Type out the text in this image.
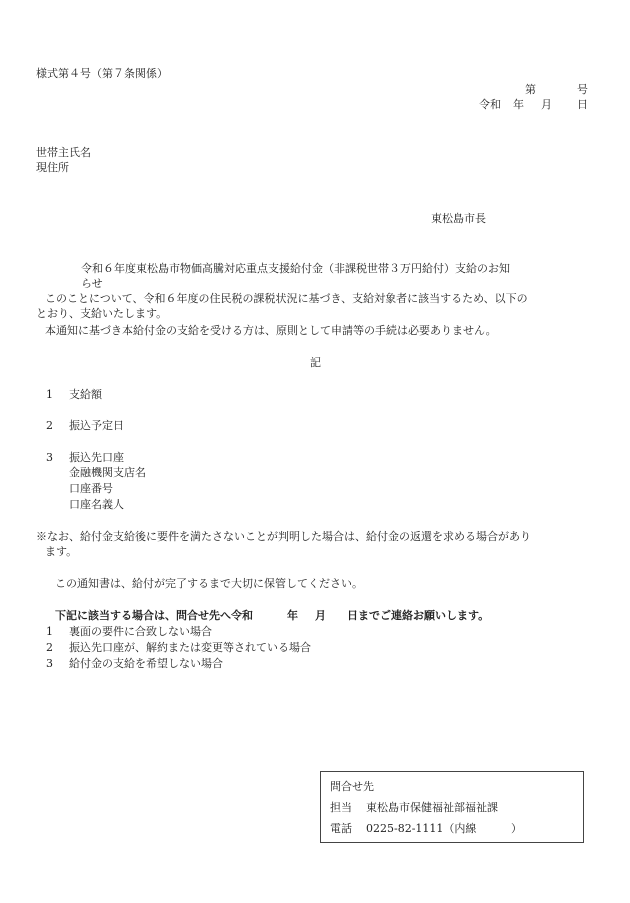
様式第４号（第７条関係）
第	号
令和 年 月 日
世帯主氏名
現住所
東松島市長
令和６年度東松島市物価高騰対応重点支援給付金（非課税世帯３万円給付）支給のお知
らせ
このことについて、令和６年度の住民税の課税状況に基づき、支給対象者に該当するため、以下の
とおり、支給いたします。
本通知に基づき本給付金の支給を受ける方は、原則として申請等の手続は必要ありません。
記
1 支給額
2 振込予定日
3 振込先口座
金融機関支店名
口座番号
口座名義人
※なお、給付金支給後に要件を満たさないことが判明した場合は、給付金の返還を求める場合があり
ます。
この通知書は、給付が完了するまで大切に保管してください。
下記に該当する場合は、問合せ先へ令和	年 月 日までご連絡お願いします。
1 裏面の要件に合致しない場合
2 振込先口座が、解約または変更等されている場合
3 給付金の支給を希望しない場合
問合せ先
担当 東松島市保健福祉部福祉課
電話 0225-82-1111（内線	）
